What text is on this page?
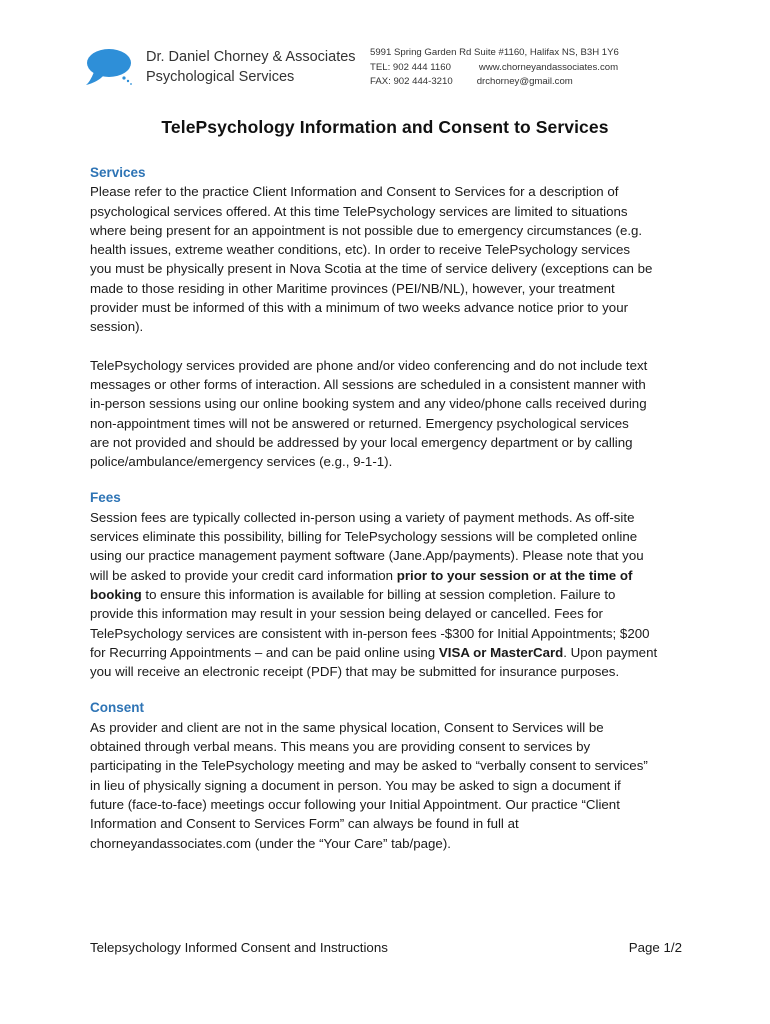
Dr. Daniel Chorney & Associates
Psychological Services
5991 Spring Garden Rd Suite #1160, Halifax NS, B3H 1Y6
TEL: 902 444 1160	www.chorneyandassociates.com
FAX: 902 444-3210	drchorney@gmail.com
TelePsychology Information and Consent to Services
Services
Please refer to the practice Client Information and Consent to Services for a description of
psychological services offered. At this time TelePsychology services are limited to situations
where being present for an appointment is not possible due to emergency circumstances (e.g.
health issues, extreme weather conditions, etc). In order to receive TelePsychology services
you must be physically present in Nova Scotia at the time of service delivery (exceptions can be
made to those residing in other Maritime provinces (PEI/NB/NL), however, your treatment
provider must be informed of this with a minimum of two weeks advance notice prior to your
session).
TelePsychology services provided are phone and/or video conferencing and do not include text
messages or other forms of interaction. All sessions are scheduled in a consistent manner with
in-person sessions using our online booking system and any video/phone calls received during
non-appointment times will not be answered or returned. Emergency psychological services
are not provided and should be addressed by your local emergency department or by calling
police/ambulance/emergency services (e.g., 9-1-1).
Fees
Session fees are typically collected in-person using a variety of payment methods. As off-site
services eliminate this possibility, billing for TelePsychology sessions will be completed online
using our practice management payment software (Jane.App/payments). Please note that you
will be asked to provide your credit card information prior to your session or at the time of
booking to ensure this information is available for billing at session completion. Failure to
provide this information may result in your session being delayed or cancelled. Fees for
TelePsychology services are consistent with in-person fees -$300 for Initial Appointments; $200
for Recurring Appointments – and can be paid online using VISA or MasterCard. Upon payment
you will receive an electronic receipt (PDF) that may be submitted for insurance purposes.
Consent
As provider and client are not in the same physical location, Consent to Services will be
obtained through verbal means. This means you are providing consent to services by
participating in the TelePsychology meeting and may be asked to “verbally consent to services”
in lieu of physically signing a document in person. You may be asked to sign a document if
future (face-to-face) meetings occur following your Initial Appointment. Our practice “Client
Information and Consent to Services Form” can always be found in full at
chorneyandassociates.com (under the “Your Care” tab/page).
Telepsychology Informed Consent and Instructions	Page 1/2
